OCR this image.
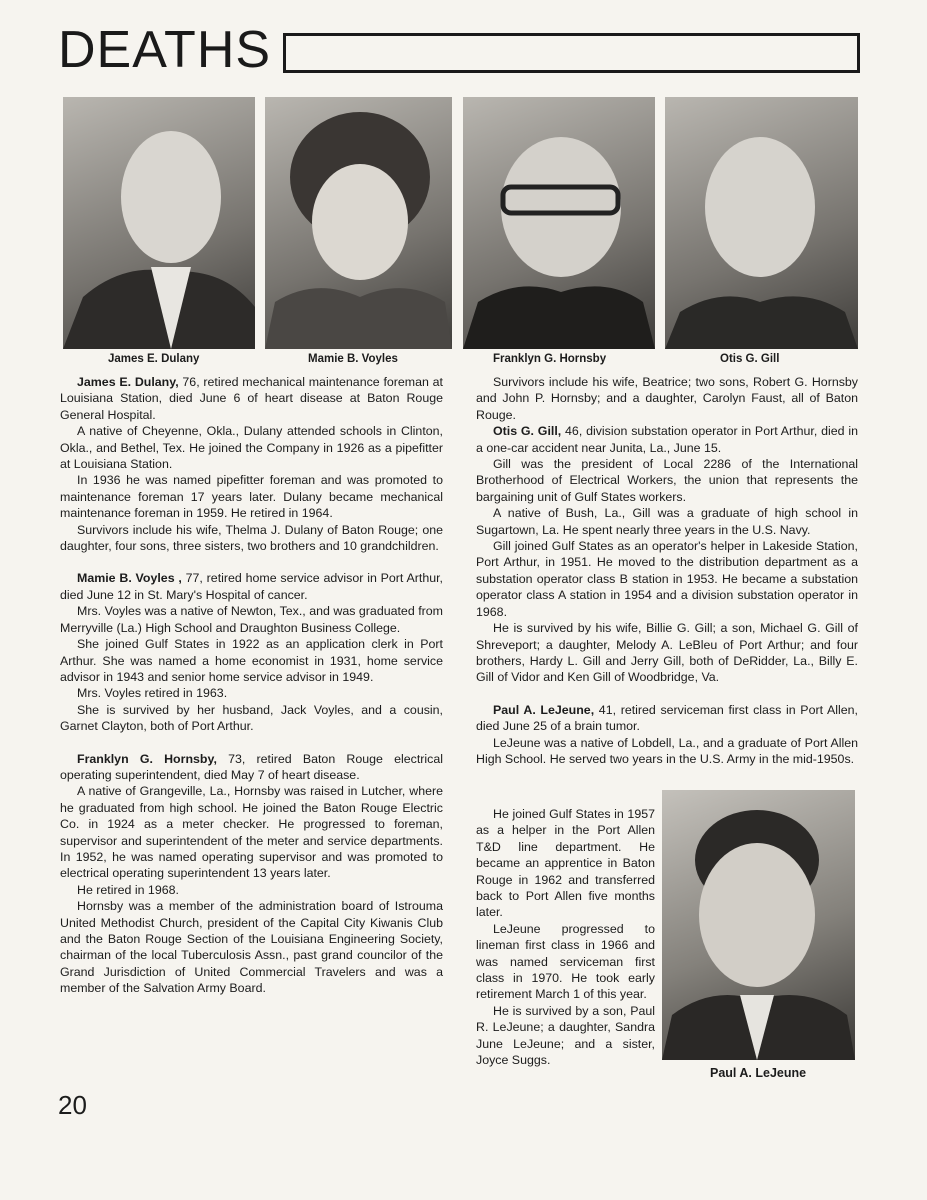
DEATHS
James E. Dulany	Mamie B. Voyles	Franklyn G. Hornsby	Otis G. Gill

James E. Dulany, 76, retired mechanical maintenance foreman at Louisiana Station, died June 6 of heart disease at Baton Rouge General Hospital.

A native of Cheyenne, Okla., Dulany attended schools in Clinton, Okla., and Bethel, Tex. He joined the Company in 1926 as a pipefitter at Louisiana Station.

In 1936 he was named pipefitter foreman and was promoted to maintenance foreman 17 years later. Dulany became mechanical maintenance foreman in 1959. He retired in 1964.

Survivors include his wife, Thelma J. Dulany of Baton Rouge; one daughter, four sons, three sisters, two brothers and 10 grandchildren.

Mamie B. Voyles , 77, retired home service advisor in Port Arthur, died June 12 in St. Mary's Hospital of cancer.

Mrs. Voyles was a native of Newton, Tex., and was graduated from Merryville (La.) High School and Draughton Business College.

She joined Gulf States in 1922 as an application clerk in Port Arthur. She was named a home economist in 1931, home service advisor in 1943 and senior home service advisor in 1949.

Mrs. Voyles retired in 1963.

She is survived by her husband, Jack Voyles, and a cousin, Garnet Clayton, both of Port Arthur.

Franklyn G. Hornsby, 73, retired Baton Rouge electrical operating superintendent, died May 7 of heart disease.

A native of Grangeville, La., Hornsby was raised in Lutcher, where he graduated from high school. He joined the Baton Rouge Electric Co. in 1924 as a meter checker. He progressed to foreman, supervisor and superintendent of the meter and service departments. In 1952, he was named operating supervisor and was promoted to electrical operating superintendent 13 years later.

He retired in 1968.

Hornsby was a member of the administration board of Istrouma United Methodist Church, president of the Capital City Kiwanis Club and the Baton Rouge Section of the Louisiana Engineering Society, chairman of the local Tuberculosis Assn., past grand councilor of the Grand Jurisdiction of United Commercial Travelers and was a member of the Salvation Army Board.

Survivors include his wife, Beatrice; two sons, Robert G. Hornsby and John P. Hornsby; and a daughter, Carolyn Faust, all of Baton Rouge.

Otis G. Gill, 46, division substation operator in Port Arthur, died in a one-car accident near Junita, La., June 15.

Gill was the president of Local 2286 of the International Brotherhood of Electrical Workers, the union that represents the bargaining unit of Gulf States workers.

A native of Bush, La., Gill was a graduate of high school in Sugartown, La. He spent nearly three years in the U.S. Navy.

Gill joined Gulf States as an operator's helper in Lakeside Station, Port Arthur, in 1951. He moved to the distribution department as a substation operator class B station in 1953. He became a substation operator class A station in 1954 and a division substation operator in 1968.

He is survived by his wife, Billie G. Gill; a son, Michael G. Gill of Shreveport; a daughter, Melody A. LeBleu of Port Arthur; and four brothers, Hardy L. Gill and Jerry Gill, both of DeRidder, La., Billy E. Gill of Vidor and Ken Gill of Woodbridge, Va.

Paul A. LeJeune, 41, retired serviceman first class in Port Allen, died June 25 of a brain tumor.

LeJeune was a native of Lobdell, La., and a graduate of Port Allen High School. He served two years in the U.S. Army in the mid-1950s.

He joined Gulf States in 1957 as a helper in the Port Allen T&D line department. He became an apprentice in Baton Rouge in 1962 and transferred back to Port Allen five months later.

LeJeune progressed to lineman first class in 1966 and was named serviceman first class in 1970. He took early retirement March 1 of this year.

He is survived by a son, Paul R. LeJeune; a daughter, Sandra June LeJeune; and a sister, Joyce Suggs.

Paul A. LeJeune
20
